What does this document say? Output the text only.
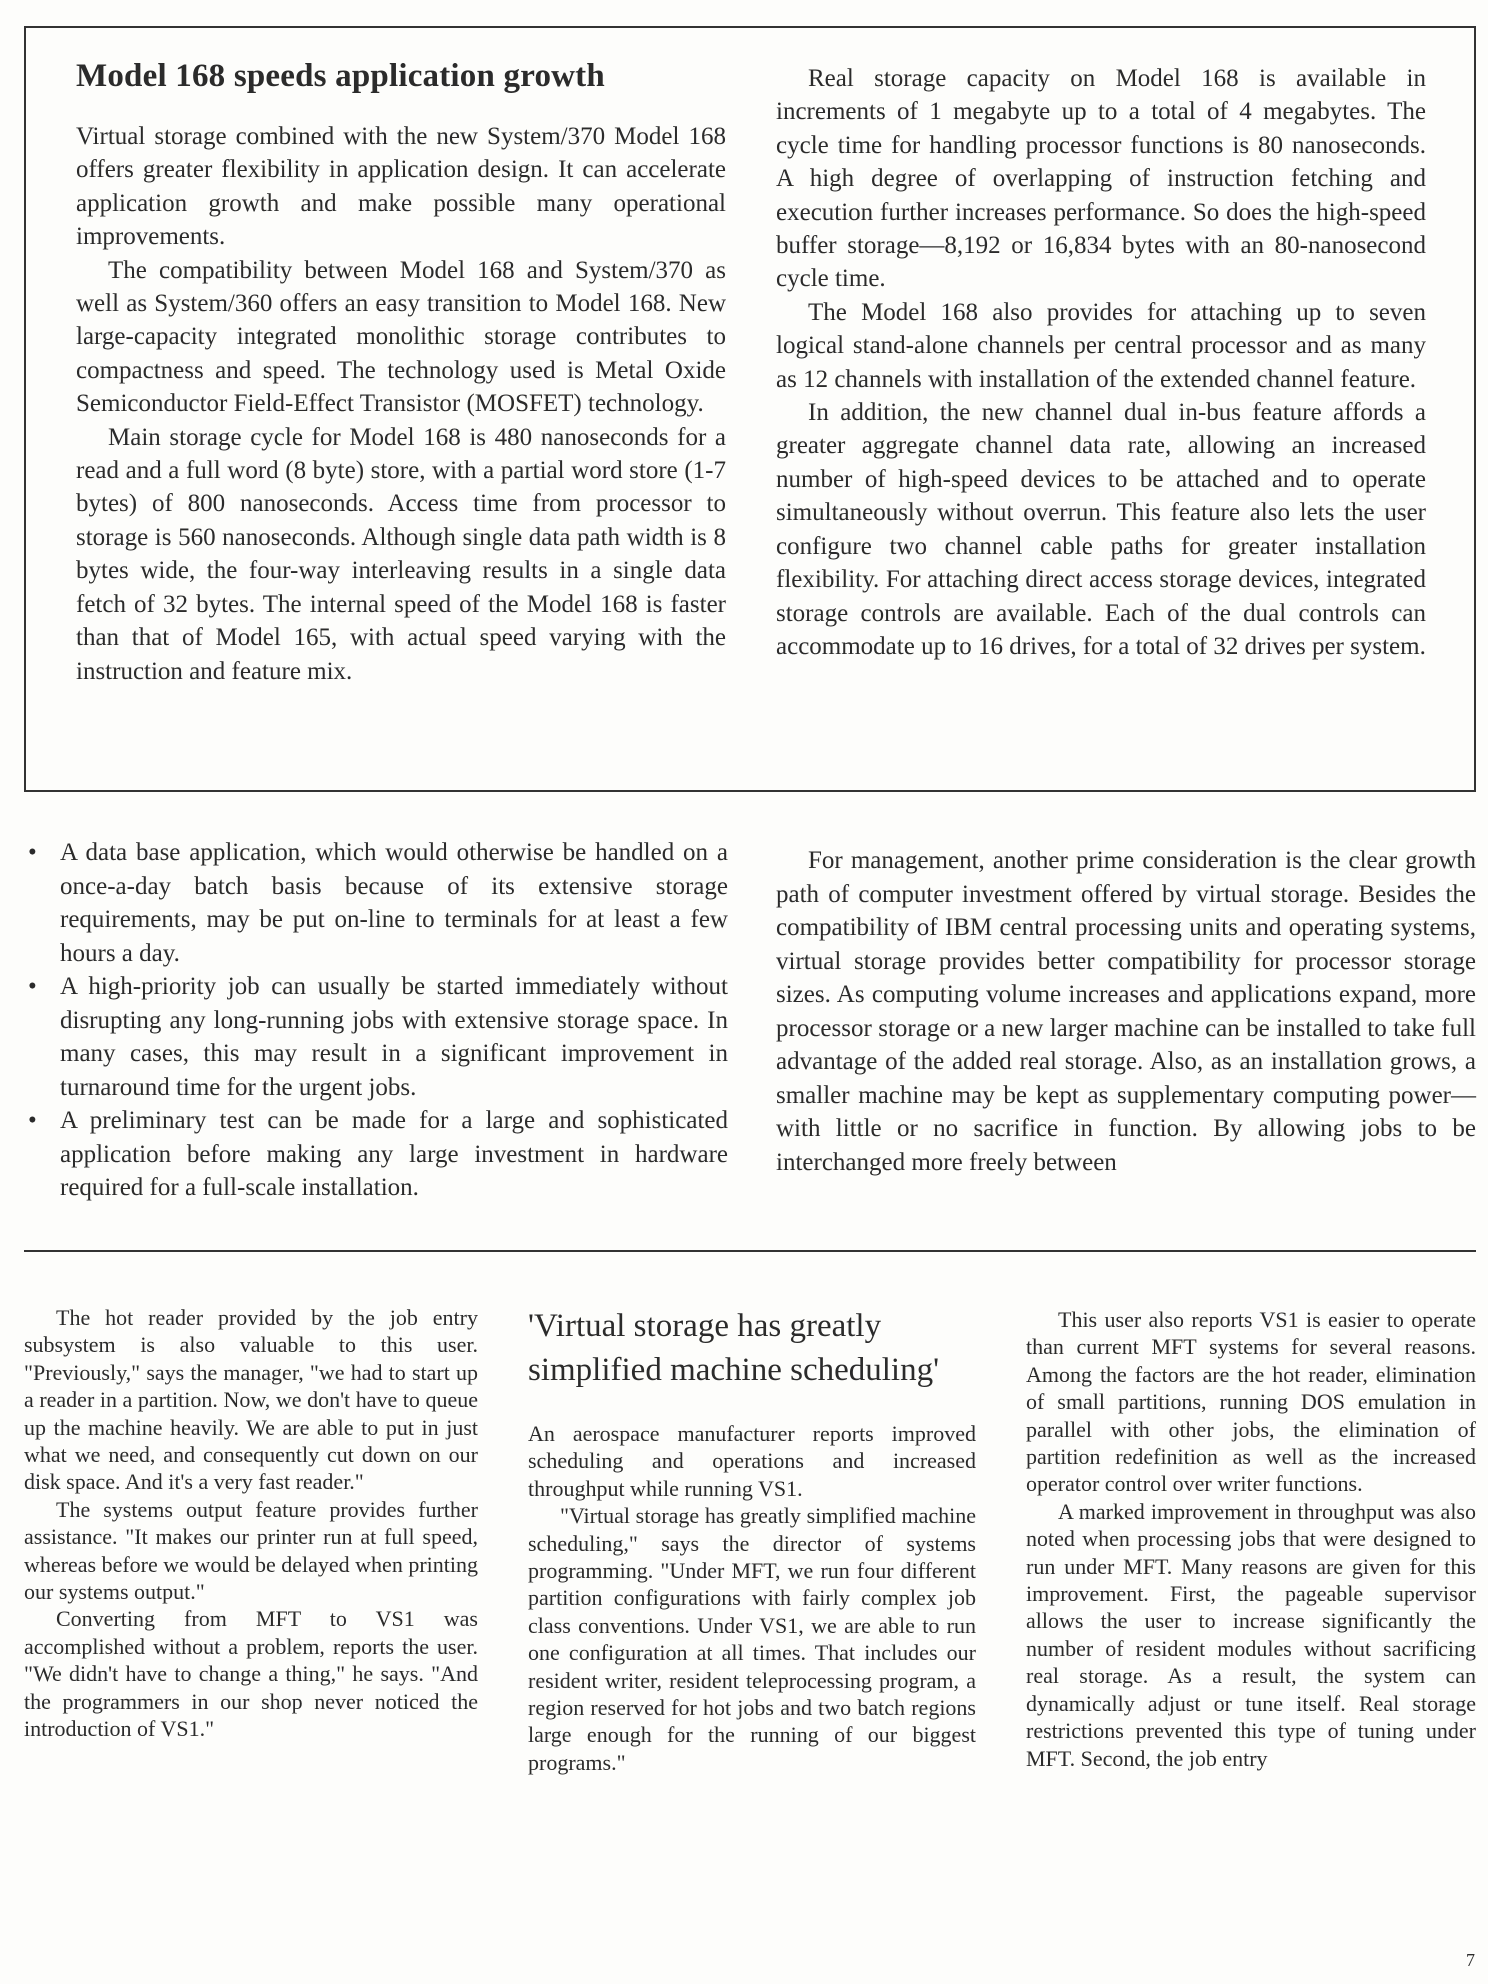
Model 168 speeds application growth

Virtual storage combined with the new System/370 Model 168 offers greater flexibility in application design. It can accelerate application growth and make possible many operational improvements.

The compatibility between Model 168 and System/370 as well as System/360 offers an easy transition to Model 168. New large-capacity integrated monolithic storage contributes to compactness and speed. The technology used is Metal Oxide Semiconductor Field-Effect Transistor (MOSFET) technology.

Main storage cycle for Model 168 is 480 nanoseconds for a read and a full word (8 byte) store, with a partial word store (1-7 bytes) of 800 nanoseconds. Access time from processor to storage is 560 nanoseconds. Although single data path width is 8 bytes wide, the four-way interleaving results in a single data fetch of 32 bytes. The internal speed of the Model 168 is faster than that of Model 165, with actual speed varying with the instruction and feature mix.

Real storage capacity on Model 168 is available in increments of 1 megabyte up to a total of 4 megabytes. The cycle time for handling processor functions is 80 nanoseconds. A high degree of overlapping of instruction fetching and execution further increases performance. So does the high-speed buffer storage—8,192 or 16,834 bytes with an 80-nanosecond cycle time.

The Model 168 also provides for attaching up to seven logical stand-alone channels per central processor and as many as 12 channels with installation of the extended channel feature.

In addition, the new channel dual in-bus feature affords a greater aggregate channel data rate, allowing an increased number of high-speed devices to be attached and to operate simultaneously without overrun. This feature also lets the user configure two channel cable paths for greater installation flexibility. For attaching direct access storage devices, integrated storage controls are available. Each of the dual controls can accommodate up to 16 drives, for a total of 32 drives per system.

• A data base application, which would otherwise be handled on a once-a-day batch basis because of its extensive storage requirements, may be put on-line to terminals for at least a few hours a day.
• A high-priority job can usually be started immediately without disrupting any long-running jobs with extensive storage space. In many cases, this may result in a significant improvement in turnaround time for the urgent jobs.
• A preliminary test can be made for a large and sophisticated application before making any large investment in hardware required for a full-scale installation.

For management, another prime consideration is the clear growth path of computer investment offered by virtual storage. Besides the compatibility of IBM central processing units and operating systems, virtual storage provides better compatibility for processor storage sizes. As computing volume increases and applications expand, more processor storage or a new larger machine can be installed to take full advantage of the added real storage. Also, as an installation grows, a smaller machine may be kept as supplementary computing power—with little or no sacrifice in function. By allowing jobs to be interchanged more freely between

The hot reader provided by the job entry subsystem is also valuable to this user. "Previously," says the manager, "we had to start up a reader in a partition. Now, we don't have to queue up the machine heavily. We are able to put in just what we need, and consequently cut down on our disk space. And it's a very fast reader."

The systems output feature provides further assistance. "It makes our printer run at full speed, whereas before we would be delayed when printing our systems output."

Converting from MFT to VS1 was accomplished without a problem, reports the user. "We didn't have to change a thing," he says. "And the programmers in our shop never noticed the introduction of VS1."

'Virtual storage has greatly simplified machine scheduling'

An aerospace manufacturer reports improved scheduling and operations and increased throughput while running VS1.

"Virtual storage has greatly simplified machine scheduling," says the director of systems programming. "Under MFT, we run four different partition configurations with fairly complex job class conventions. Under VS1, we are able to run one configuration at all times. That includes our resident writer, resident teleprocessing program, a region reserved for hot jobs and two batch regions large enough for the running of our biggest programs."

This user also reports VS1 is easier to operate than current MFT systems for several reasons. Among the factors are the hot reader, elimination of small partitions, running DOS emulation in parallel with other jobs, the elimination of partition redefinition as well as the increased operator control over writer functions.

A marked improvement in throughput was also noted when processing jobs that were designed to run under MFT. Many reasons are given for this improvement. First, the pageable supervisor allows the user to increase significantly the number of resident modules without sacrificing real storage. As a result, the system can dynamically adjust or tune itself. Real storage restrictions prevented this type of tuning under MFT. Second, the job entry

7
